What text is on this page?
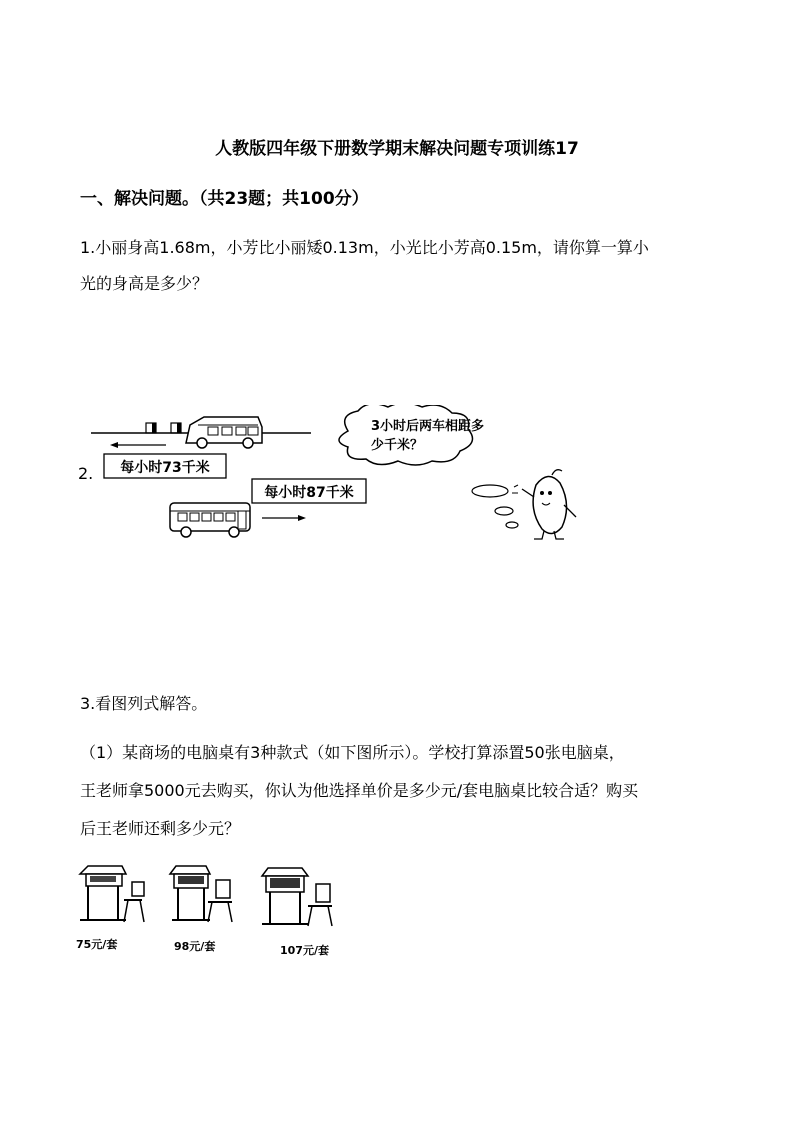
人教版四年级下册数学期末解决问题专项训练17
一、解决问题。（共23题；共100分）
1.小丽身高1.68m，小芳比小丽矮0.13m，小光比小芳高0.15m，请你算一算小
光的身高是多少？
2. 每小时73千米
每小时87千米
3小时后两车相距多
少千米？
3.看图列式解答。
（1）某商场的电脑桌有3种款式（如下图所示）。学校打算添置50张电脑桌，
王老师拿5000元去购买，你认为他选择单价是多少元/套电脑桌比较合适？购买
后王老师还剩多少元？
75元/套	98元/套	107元/套
